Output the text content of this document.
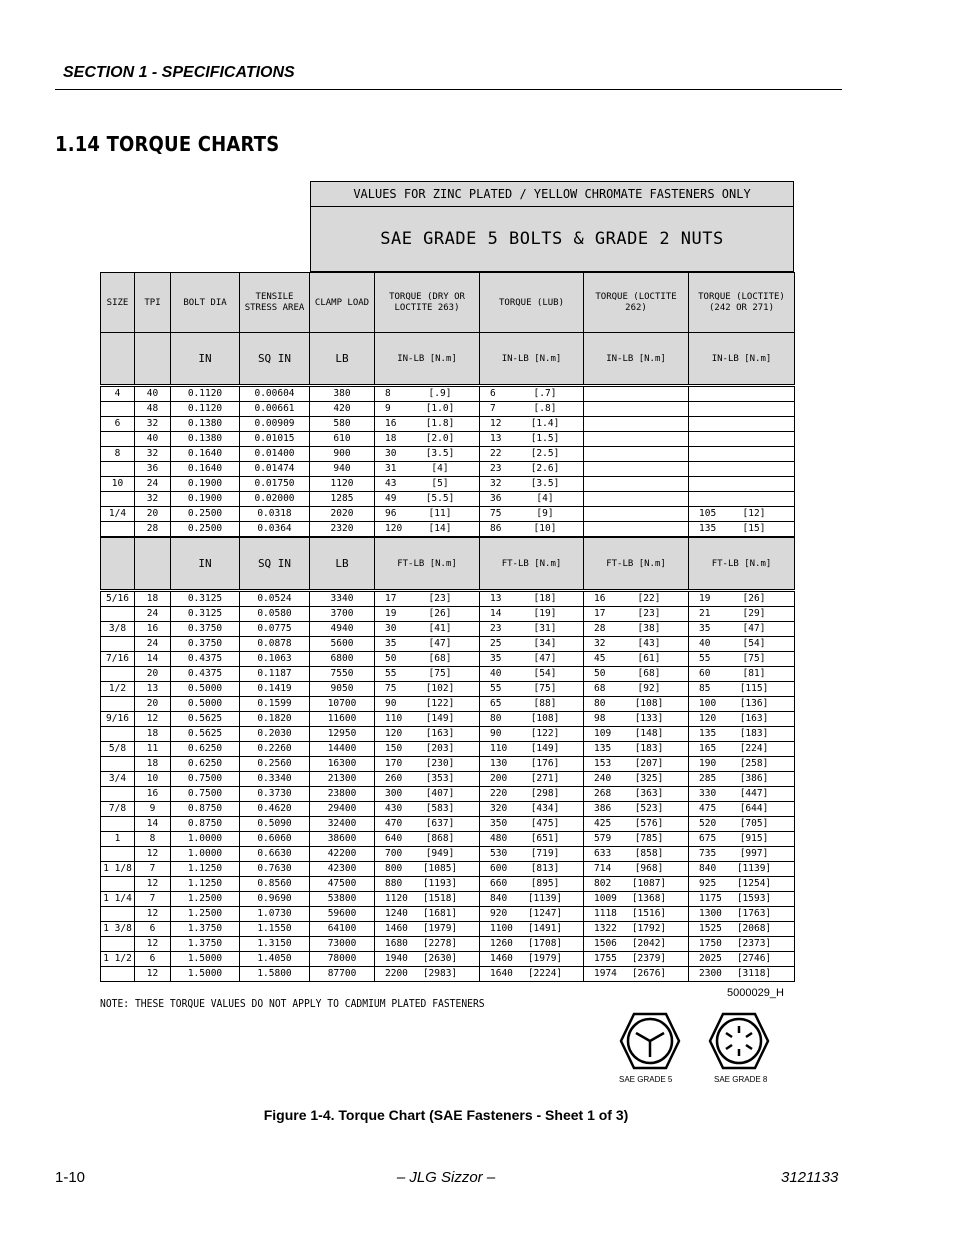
SECTION 1 - SPECIFICATIONS
1.14 TORQUE CHARTS
VALUES FOR ZINC PLATED / YELLOW CHROMATE FASTENERS ONLY
SAE GRADE 5 BOLTS & GRADE 2 NUTS
SIZE	TPI	BOLT DIA	TENSILE STRESS AREA	CLAMP LOAD	TORQUE (DRY OR LOCTITE 263)	TORQUE (LUB)	TORQUE (LOCTITE 262)	TORQUE (LOCTITE) (242 OR 271)
		IN	SQ IN	LB	IN-LB [N.m]	IN-LB [N.m]	IN-LB [N.m]	IN-LB [N.m]
4	40	0.1120	0.00604	380	8 [.9]	6 [.7]		
	48	0.1120	0.00661	420	9 [1.0]	7 [.8]		
6	32	0.1380	0.00909	580	16 [1.8]	12 [1.4]		
	40	0.1380	0.01015	610	18 [2.0]	13 [1.5]		
8	32	0.1640	0.01400	900	30 [3.5]	22 [2.5]		
	36	0.1640	0.01474	940	31 [4]	23 [2.6]		
10	24	0.1900	0.01750	1120	43 [5]	32 [3.5]		
	32	0.1900	0.02000	1285	49 [5.5]	36 [4]		
1/4	20	0.2500	0.0318	2020	96 [11]	75 [9]		105 [12]
	28	0.2500	0.0364	2320	120 [14]	86 [10]		135 [15]
		IN	SQ IN	LB	FT-LB [N.m]	FT-LB [N.m]	FT-LB [N.m]	FT-LB [N.m]
5/16	18	0.3125	0.0524	3340	17 [23]	13 [18]	16 [22]	19 [26]
	24	0.3125	0.0580	3700	19 [26]	14 [19]	17 [23]	21 [29]
3/8	16	0.3750	0.0775	4940	30 [41]	23 [31]	28 [38]	35 [47]
	24	0.3750	0.0878	5600	35 [47]	25 [34]	32 [43]	40 [54]
7/16	14	0.4375	0.1063	6800	50 [68]	35 [47]	45 [61]	55 [75]
	20	0.4375	0.1187	7550	55 [75]	40 [54]	50 [68]	60 [81]
1/2	13	0.5000	0.1419	9050	75 [102]	55 [75]	68 [92]	85 [115]
	20	0.5000	0.1599	10700	90 [122]	65 [88]	80 [108]	100 [136]
9/16	12	0.5625	0.1820	11600	110 [149]	80 [108]	98 [133]	120 [163]
	18	0.5625	0.2030	12950	120 [163]	90 [122]	109 [148]	135 [183]
5/8	11	0.6250	0.2260	14400	150 [203]	110 [149]	135 [183]	165 [224]
	18	0.6250	0.2560	16300	170 [230]	130 [176]	153 [207]	190 [258]
3/4	10	0.7500	0.3340	21300	260 [353]	200 [271]	240 [325]	285 [386]
	16	0.7500	0.3730	23800	300 [407]	220 [298]	268 [363]	330 [447]
7/8	9	0.8750	0.4620	29400	430 [583]	320 [434]	386 [523]	475 [644]
	14	0.8750	0.5090	32400	470 [637]	350 [475]	425 [576]	520 [705]
1	8	1.0000	0.6060	38600	640 [868]	480 [651]	579 [785]	675 [915]
	12	1.0000	0.6630	42200	700 [949]	530 [719]	633 [858]	735 [997]
1 1/8	7	1.1250	0.7630	42300	800 [1085]	600 [813]	714 [968]	840 [1139]
	12	1.1250	0.8560	47500	880 [1193]	660 [895]	802 [1087]	925 [1254]
1 1/4	7	1.2500	0.9690	53800	1120 [1518]	840 [1139]	1009 [1368]	1175 [1593]
	12	1.2500	1.0730	59600	1240 [1681]	920 [1247]	1118 [1516]	1300 [1763]
1 3/8	6	1.3750	1.1550	64100	1460 [1979]	1100 [1491]	1322 [1792]	1525 [2068]
	12	1.3750	1.3150	73000	1680 [2278]	1260 [1708]	1506 [2042]	1750 [2373]
1 1/2	6	1.5000	1.4050	78000	1940 [2630]	1460 [1979]	1755 [2379]	2025 [2746]
	12	1.5000	1.5800	87700	2200 [2983]	1640 [2224]	1974 [2676]	2300 [3118]
NOTE: THESE TORQUE VALUES DO NOT APPLY TO CADMIUM PLATED FASTENERS
5000029_H
SAE GRADE 5	SAE GRADE 8
Figure 1-4. Torque Chart (SAE Fasteners - Sheet 1 of 3)
1-10	– JLG Sizzor –	3121133
